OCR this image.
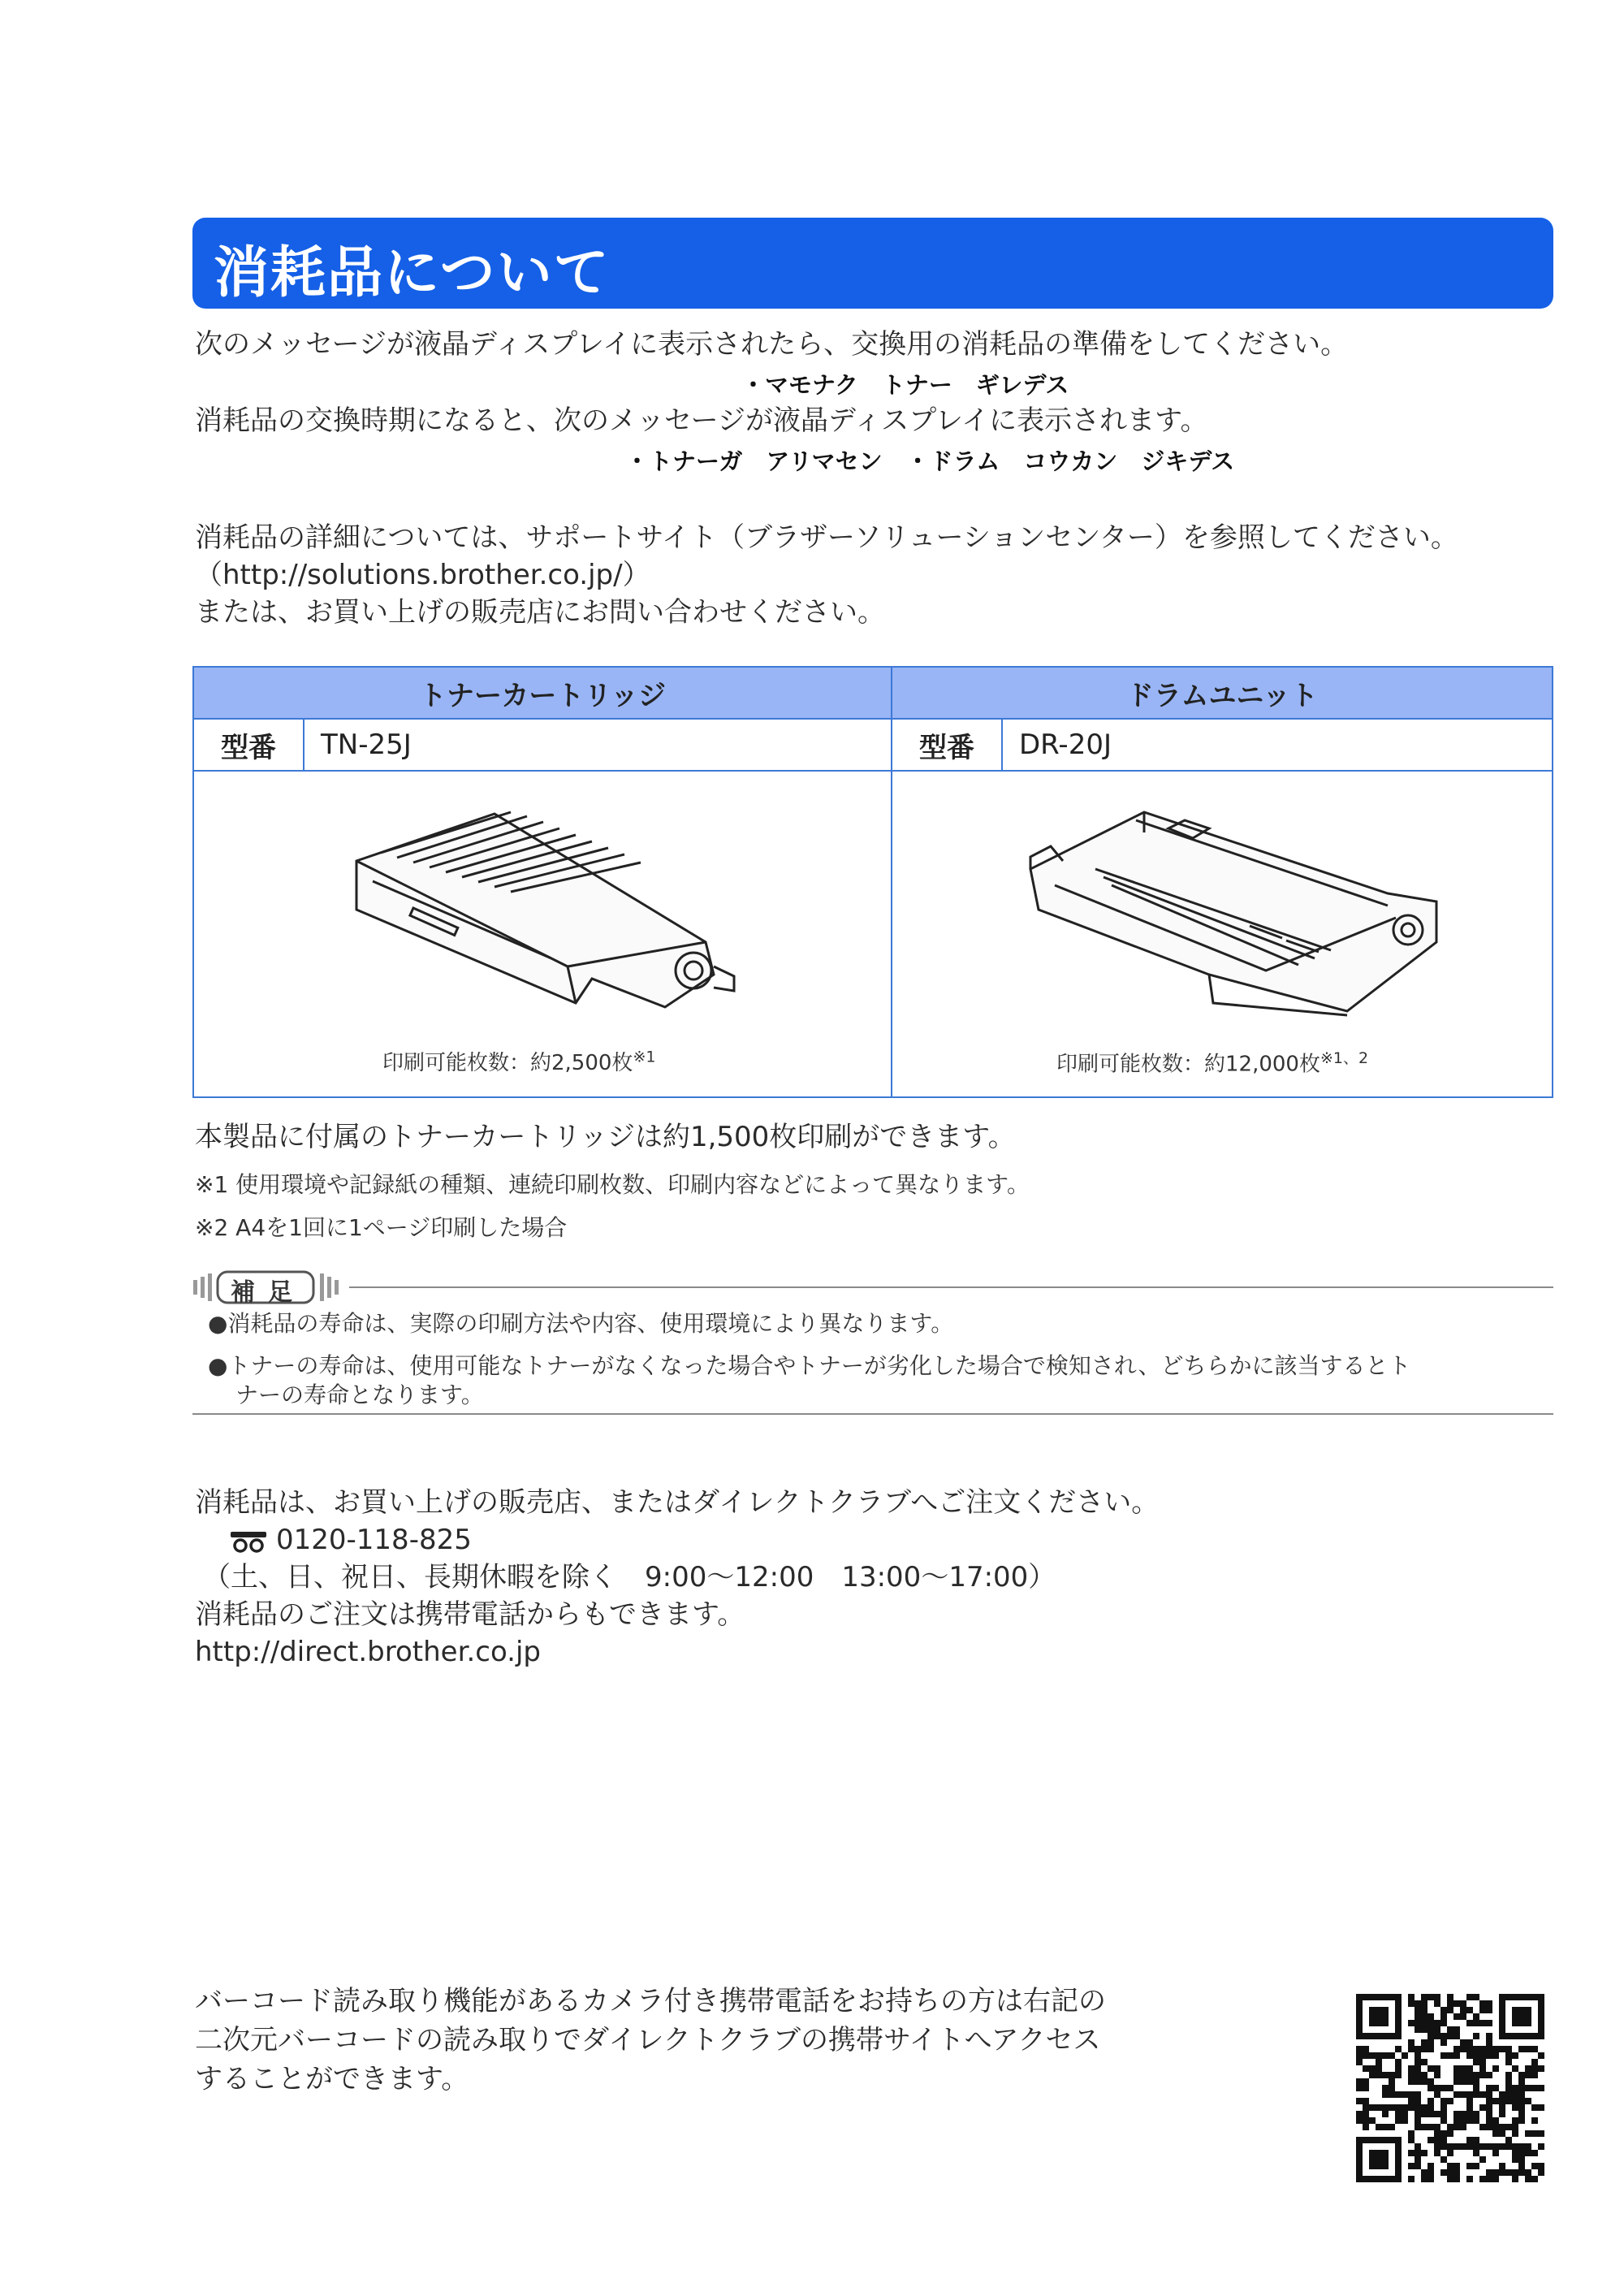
消耗品について
次のメッセージが液晶ディスプレイに表示されたら、交換用の消耗品の準備をしてください。
・マモナク　トナー　ギレデス
消耗品の交換時期になると、次のメッセージが液晶ディスプレイに表示されます。
・トナーガ　アリマセン　・ドラム　コウカン　ジキデス
消耗品の詳細については、サポートサイト（ブラザーソリューションセンター）を参照してください。
（http://solutions.brother.co.jp/）
または、お買い上げの販売店にお問い合わせください。
トナーカートリッジ		ドラムユニット	
型番	TN-25J	型番	DR-20J

印刷可能枚数：約2,500枚$^{※1}$		印刷可能枚数：約12,000枚$^{※1、2}$
本製品に付属のトナーカートリッジは約1,500枚印刷ができます。
※1 使用環境や記録紙の種類、連続印刷枚数、印刷内容などによって異なります。
※2 A4を1回に1ページ印刷した場合
補足
●消耗品の寿命は、実際の印刷方法や内容、使用環境により異なります。
●トナーの寿命は、使用可能なトナーがなくなった場合やトナーが劣化した場合で検知され、どちらかに該当するとト
ナーの寿命となります。
消耗品は、お買い上げの販売店、またはダイレクトクラブへご注文ください。
0120-118-825
（土、日、祝日、長期休暇を除く　9:00〜12:00　13:00〜17:00）
消耗品のご注文は携帯電話からもできます。
http://direct.brother.co.jp
バーコード読み取り機能があるカメラ付き携帯電話をお持ちの方は右記の
二次元バーコードの読み取りでダイレクトクラブの携帯サイトへアクセス
することができます。
